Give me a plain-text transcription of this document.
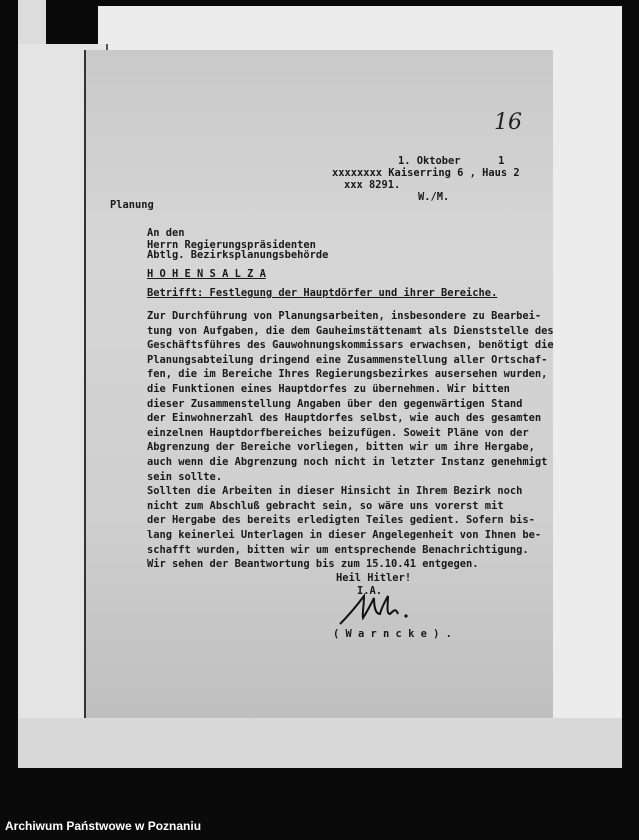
16
1. Oktober      1
xxxxxxxx Kaiserring 6 , Haus 2
xxx 8291.
W./M.
Planung
An den
Herrn Regierungspräsidenten
Abtlg. Bezirksplanungsbehörde
H O H E N S A L Z A
Betrifft: Festlegung der Hauptdörfer und ihrer Bereiche.
Zur Durchführung von Planungsarbeiten, insbesondere zu Bearbei-
tung von Aufgaben, die dem Gauheimstättenamt als Dienststelle des
Geschäftsführes des Gauwohnungskommissars erwachsen, benötigt die
Planungsabteilung dringend eine Zusammenstellung aller Ortschaf-
fen, die im Bereiche Ihres Regierungsbezirkes ausersehen wurden,
die Funktionen eines Hauptdorfes zu übernehmen. Wir bitten
dieser Zusammenstellung Angaben über den gegenwärtigen Stand
der Einwohnerzahl des Hauptdorfes selbst, wie auch des gesamten
einzelnen Hauptdorfbereiches beizufügen. Soweit Pläne von der
Abgrenzung der Bereiche vorliegen, bitten wir um ihre Hergabe,
auch wenn die Abgrenzung noch nicht in letzter Instanz genehmigt
sein sollte.
Sollten die Arbeiten in dieser Hinsicht in Ihrem Bezirk noch
nicht zum Abschluß gebracht sein, so wäre uns vorerst mit
der Hergabe des bereits erledigten Teiles gedient. Sofern bis-
lang keinerlei Unterlagen in dieser Angelegenheit von Ihnen be-
schafft wurden, bitten wir um entsprechende Benachrichtigung.
Wir sehen der Beantwortung bis zum 15.10.41 entgegen.
Heil Hitler!
I.A.
( W a r n c k e ) .
Archiwum Państwowe w Poznaniu
